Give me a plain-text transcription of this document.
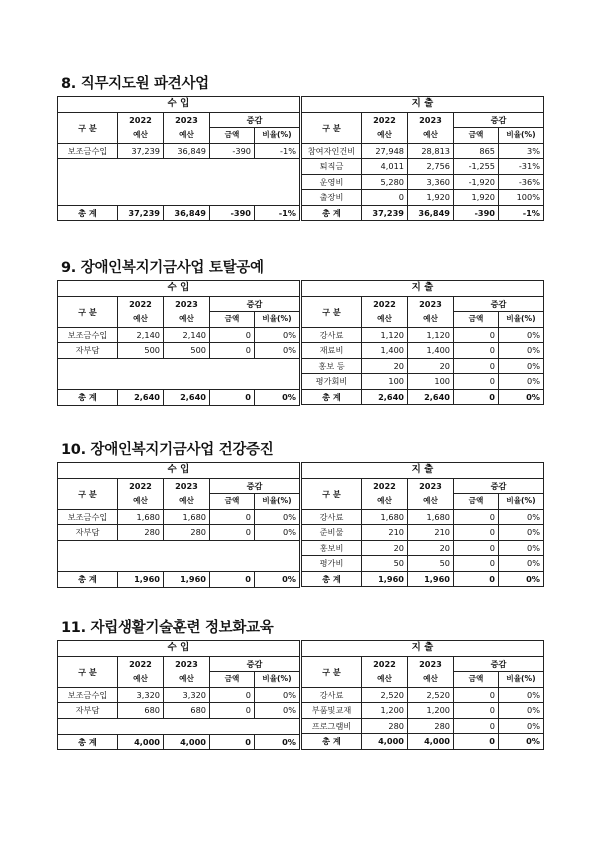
8. 직무지도원 파견사업
수 입				
구 분	2022	2023	증감	
	예산	예산	금액	비율(%)
보조금수입	37,239	36,849	-390	-1%

총 계	37,239	36,849	-390	-1%
지 출				
구 분	2022	2023	증감	
	예산	예산	금액	비율(%)
참여자인건비	27,948	28,813	865	3%
퇴직금	4,011	2,756	-1,255	-31%
운영비	5,280	3,360	-1,920	-36%
출장비	0	1,920	1,920	100%
총 계	37,239	36,849	-390	-1%
9. 장애인복지기금사업 토탈공예
수 입				
구 분	2022	2023	증감	
	예산	예산	금액	비율(%)
보조금수입	2,140	2,140	0	0%
자부담	500	500	0	0%

총 계	2,640	2,640	0	0%
지 출				
구 분	2022	2023	증감	
	예산	예산	금액	비율(%)
강사료	1,120	1,120	0	0%
재료비	1,400	1,400	0	0%
홍보 등	20	20	0	0%
평가회비	100	100	0	0%
총 계	2,640	2,640	0	0%
10. 장애인복지기금사업 건강증진
수 입				
구 분	2022	2023	증감	
	예산	예산	금액	비율(%)
보조금수입	1,680	1,680	0	0%
자부담	280	280	0	0%

총 계	1,960	1,960	0	0%
지 출				
구 분	2022	2023	증감	
	예산	예산	금액	비율(%)
강사료	1,680	1,680	0	0%
준비물	210	210	0	0%
홍보비	20	20	0	0%
평가비	50	50	0	0%
총 계	1,960	1,960	0	0%
11. 자립생활기술훈련 정보화교육
수 입				
구 분	2022	2023	증감	
	예산	예산	금액	비율(%)
보조금수입	3,320	3,320	0	0%
자부담	680	680	0	0%

총 계	4,000	4,000	0	0%
지 출				
구 분	2022	2023	증감	
	예산	예산	금액	비율(%)
강사료	2,520	2,520	0	0%
부품및교재	1,200	1,200	0	0%
프로그램비	280	280	0	0%
총 계	4,000	4,000	0	0%
